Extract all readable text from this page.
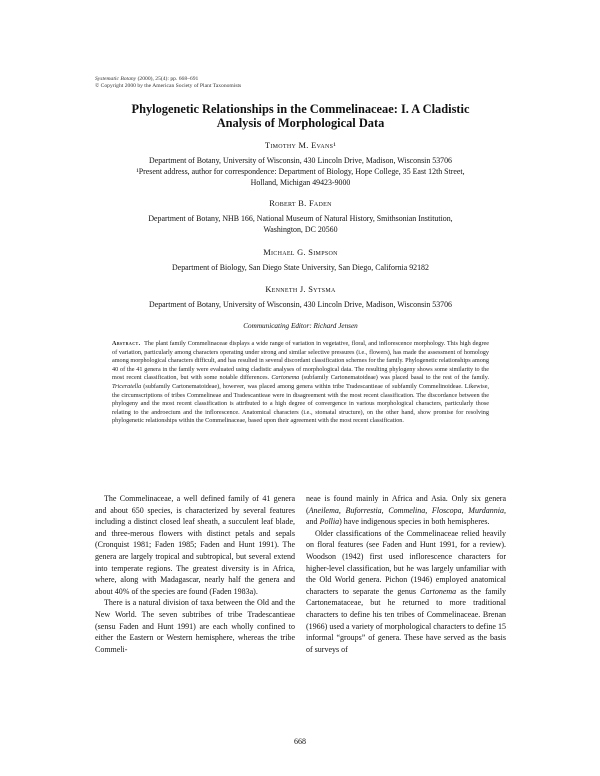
Systematic Botany (2000), 25(4): pp. 668–691
© Copyright 2000 by the American Society of Plant Taxonomists
Phylogenetic Relationships in the Commelinaceae: I. A Cladistic
Analysis of Morphological Data
Timothy M. Evans¹
Department of Botany, University of Wisconsin, 430 Lincoln Drive, Madison, Wisconsin 53706
¹Present address, author for correspondence: Department of Biology, Hope College, 35 East 12th Street,
Holland, Michigan 49423-9000
Robert B. Faden
Department of Botany, NHB 166, National Museum of Natural History, Smithsonian Institution,
Washington, DC 20560
Michael G. Simpson
Department of Biology, San Diego State University, San Diego, California 92182
Kenneth J. Sytsma
Department of Botany, University of Wisconsin, 430 Lincoln Drive, Madison, Wisconsin 53706
Communicating Editor: Richard Jensen
Abstract. The plant family Commelinaceae displays a wide range of variation in vegetative, floral, and inflorescence morphology. This high degree of variation, particularly among characters operating under strong and similar selective pressures (i.e., flowers), has made the assessment of homology among morphological characters difficult, and has resulted in several discordant classification schemes for the family. Phylogenetic relationships among 40 of the 41 genera in the family were evaluated using cladistic analyses of morphological data. The resulting phylogeny shows some similarity to the most recent classification, but with some notable differences. Cartonema (subfamily Cartonematoideae) was placed basal to the rest of the family. Triceratella (subfamily Cartonematoideae), however, was placed among genera within tribe Tradescantieae of subfamily Commelinoideae. Likewise, the circumscriptions of tribes Commelineae and Tradescantieae were in disagreement with the most recent classification. The discordance between the phylogeny and the most recent classification is attributed to a high degree of convergence in various morphological characters, particularly those relating to the androecium and the inflorescence. Anatomical characters (i.e., stomatal structure), on the other hand, show promise for resolving phylogenetic relationships within the Commelinaceae, based upon their agreement with the most recent classification.

The Commelinaceae, a well defined family of 41 genera and about 650 species, is characterized by several features including a distinct closed leaf sheath, a succulent leaf blade, and three-merous flowers with distinct petals and sepals (Cronquist 1981; Faden 1985; Faden and Hunt 1991). The genera are largely tropical and subtropical, but several extend into temperate regions. The greatest diversity is in Africa, where, along with Madagascar, nearly half the genera and about 40% of the species are found (Faden 1983a).

There is a natural division of taxa between the Old and the New World. The seven subtribes of tribe Tradescantieae (sensu Faden and Hunt 1991) are each wholly confined to either the Eastern or Western hemisphere, whereas the tribe Commeli-

neae is found mainly in Africa and Asia. Only six genera (Aneilema, Buforrestia, Commelina, Floscopa, Murdannia, and Pollia) have indigenous species in both hemispheres.

Older classifications of the Commelinaceae relied heavily on floral features (see Faden and Hunt 1991, for a review). Woodson (1942) first used inflorescence characters for higher-level classification, but he was largely unfamiliar with the Old World genera. Pichon (1946) employed anatomical characters to separate the genus Cartonema as the family Cartonemataceae, but he returned to more traditional characters to define his ten tribes of Commelinaceae. Brenan (1966) used a variety of morphological characters to define 15 informal “groups” of genera. These have served as the basis of surveys of

668
